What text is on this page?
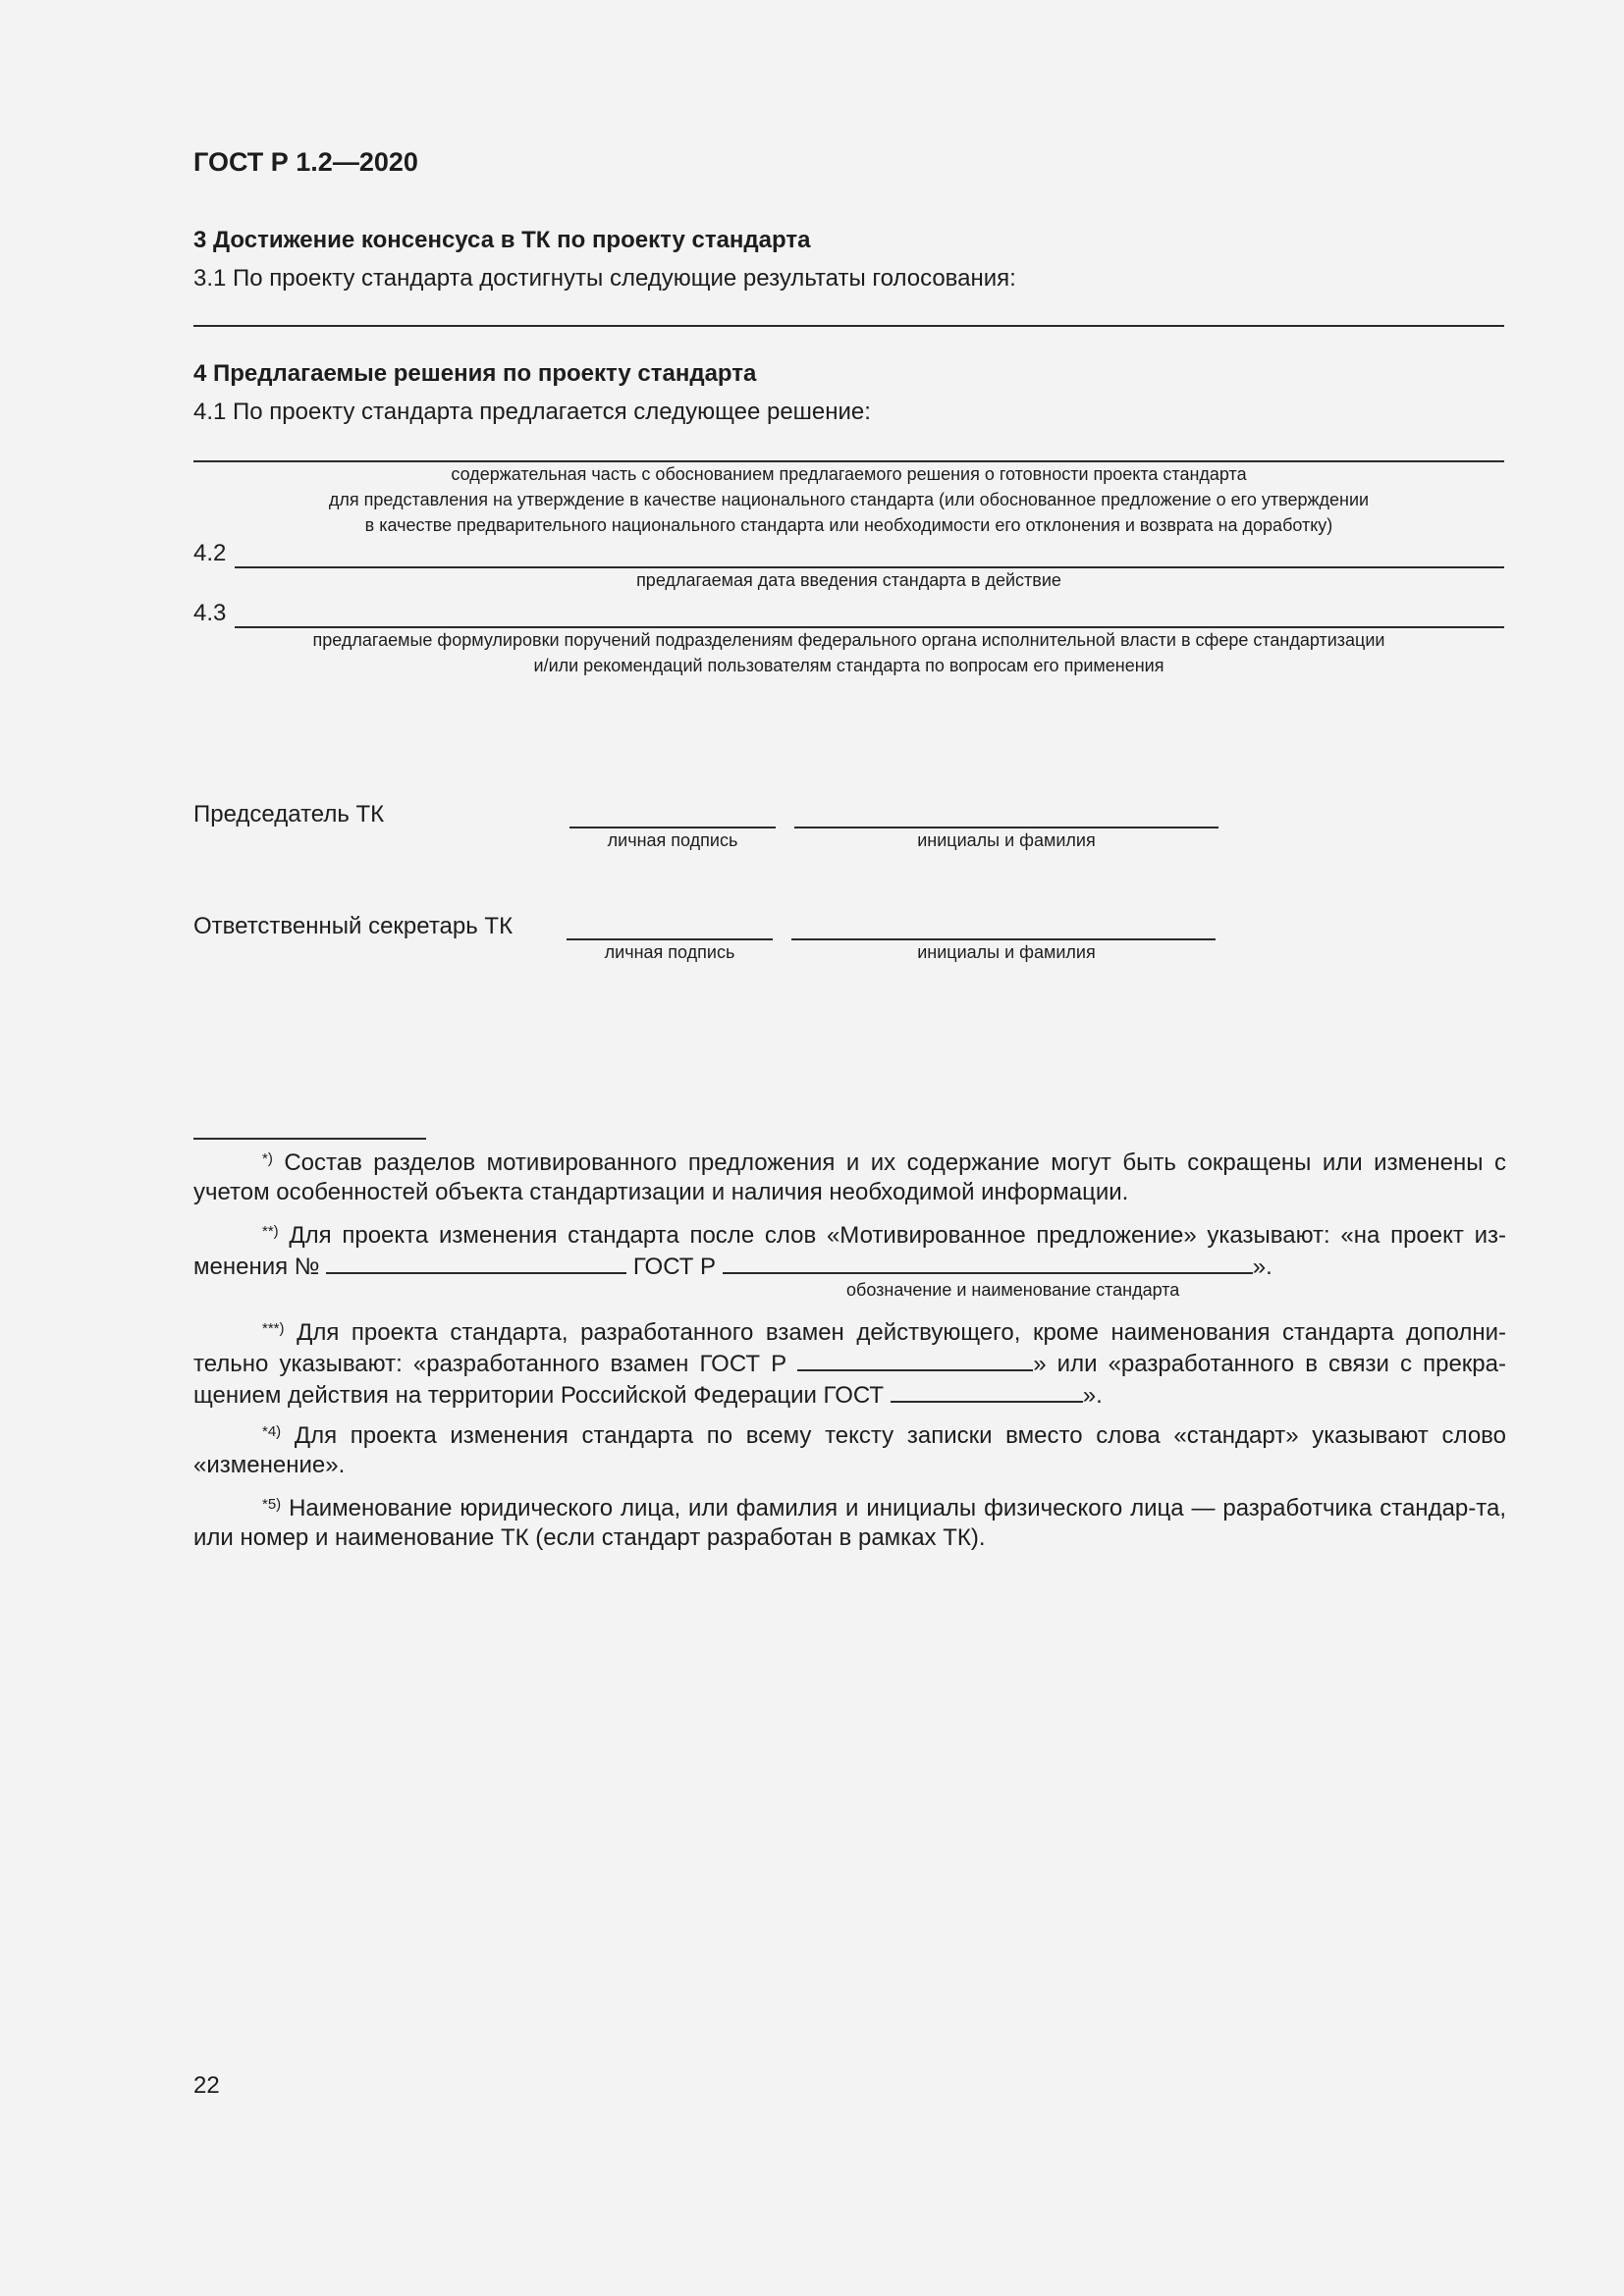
ГОСТ Р 1.2—2020
3 Достижение консенсуса в ТК по проекту стандарта
3.1 По проекту стандарта достигнуты следующие результаты голосования:
4 Предлагаемые решения по проекту стандарта
4.1 По проекту стандарта предлагается следующее решение:
содержательная часть с обоснованием предлагаемого решения о готовности проекта стандарта
для представления на утверждение в качестве национального стандарта (или обоснованное предложение о его утверждении
в качестве предварительного национального стандарта или необходимости его отклонения и возврата на доработку)
4.2
предлагаемая дата введения стандарта в действие
4.3
предлагаемые формулировки поручений подразделениям федерального органа исполнительной власти в сфере стандартизации
и/или рекомендаций пользователям стандарта по вопросам его применения
Председатель ТК
личная подпись	инициалы и фамилия
Ответственный секретарь ТК
личная подпись	инициалы и фамилия
*) Состав разделов мотивированного предложения и их содержание могут быть сокращены или изменены с учетом особенностей объекта стандартизации и наличия необходимой информации.
**) Для проекта изменения стандарта после слов «Мотивированное предложение» указывают: «на проект из-менения №	ГОСТ Р	».
обозначение и наименование стандарта
***) Для проекта стандарта, разработанного взамен действующего, кроме наименования стандарта дополни-тельно указывают: «разработанного взамен ГОСТ Р	» или «разработанного в связи с прекра-щением действия на территории Российской Федерации ГОСТ	».
$^{*4)}$ Для проекта изменения стандарта по всему тексту записки вместо слова «стандарт» указывают слово «изменение».
$^{*5)}$ Наименование юридического лица, или фамилия и инициалы физического лица — разработчика стандар-та, или номер и наименование ТК (если стандарт разработан в рамках ТК).
22
